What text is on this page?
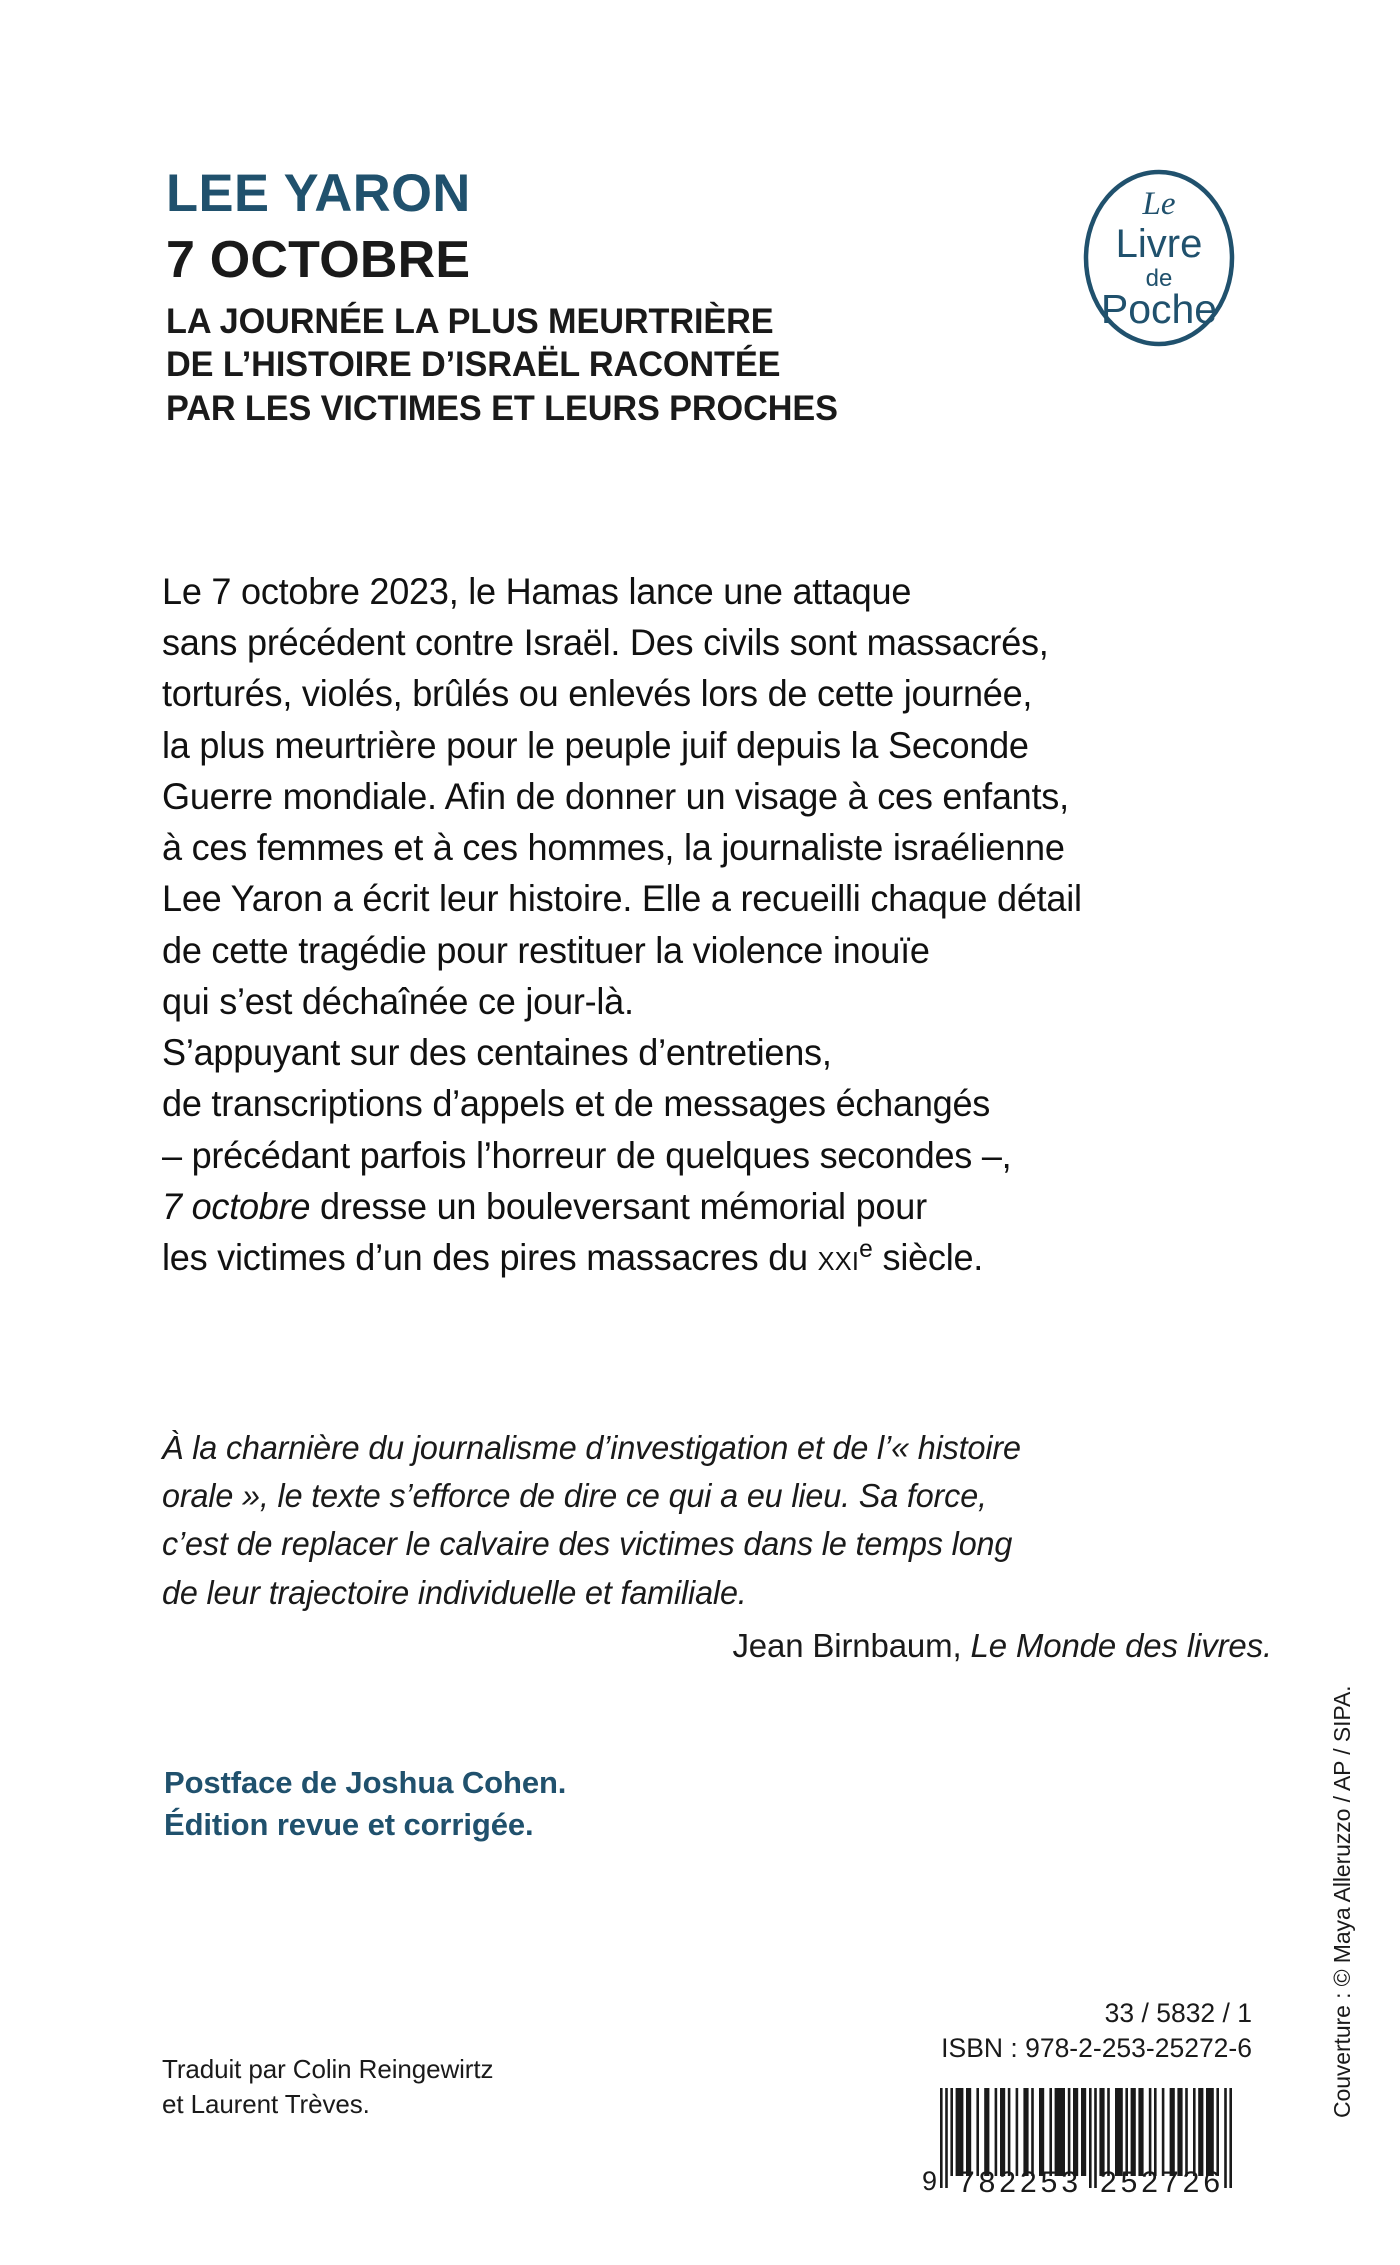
LEE YARON
7 OCTOBRE
LA JOURNÉE LA PLUS MEURTRIÈRE
DE L’HISTOIRE D’ISRAËL RACONTÉE
PAR LES VICTIMES ET LEURS PROCHES
Le
Livre
de
Poche
Le 7 octobre 2023, le Hamas lance une attaque
sans précédent contre Israël. Des civils sont massacrés,
torturés, violés, brûlés ou enlevés lors de cette journée,
la plus meurtrière pour le peuple juif depuis la Seconde
Guerre mondiale. Afin de donner un visage à ces enfants,
à ces femmes et à ces hommes, la journaliste israélienne
Lee Yaron a écrit leur histoire. Elle a recueilli chaque détail
de cette tragédie pour restituer la violence inouïe
qui s’est déchaînée ce jour-là.
S’appuyant sur des centaines d’entretiens,
de transcriptions d’appels et de messages échangés
– précédant parfois l’horreur de quelques secondes –,
7 octobre dresse un bouleversant mémorial pour
les victimes d’un des pires massacres du xxi$^e$ siècle.
À la charnière du journalisme d’investigation et de l’« histoire
orale », le texte s’efforce de dire ce qui a eu lieu. Sa force,
c’est de replacer le calvaire des victimes dans le temps long
de leur trajectoire individuelle et familiale.
Jean Birnbaum, Le Monde des livres.
Postface de Joshua Cohen.
Édition revue et corrigée.
Traduit par Colin Reingewirtz
et Laurent Trèves.
33 / 5832 / 1
ISBN : 978-2-253-25272-6
9 782253 252726
Couverture : © Maya Alleruzzo / AP / SIPA.
